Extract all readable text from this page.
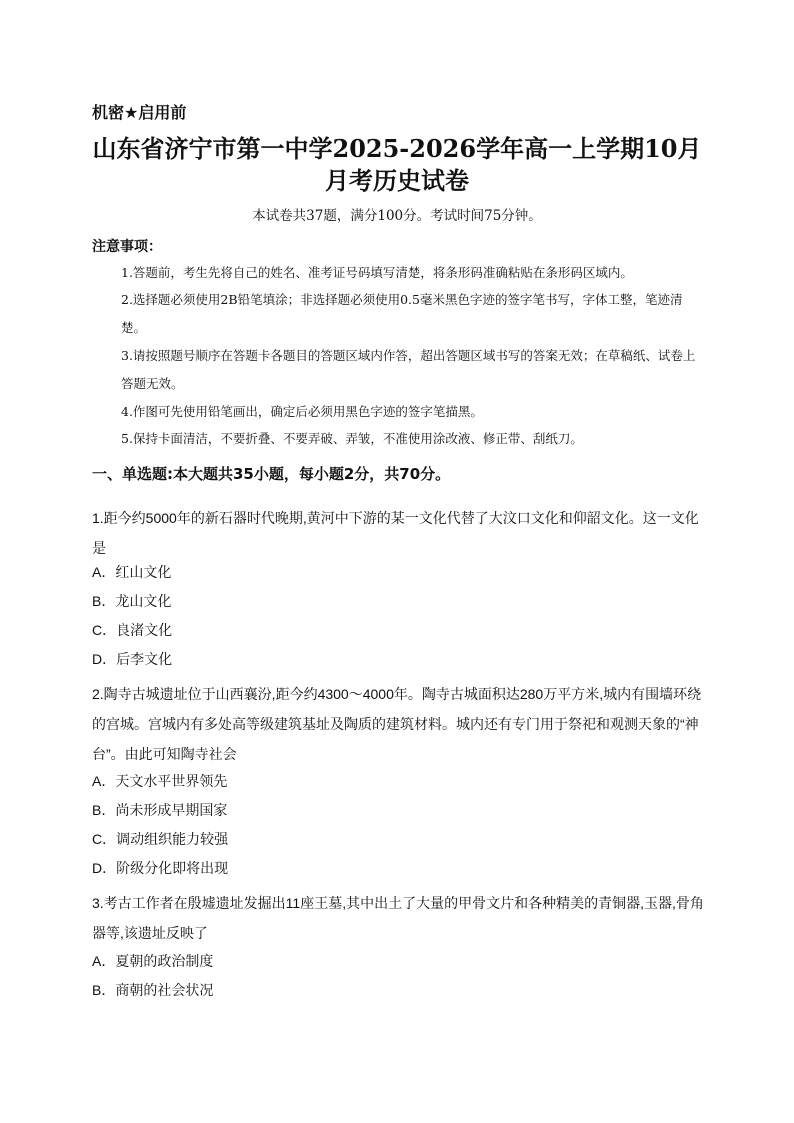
机密★启用前
山东省济宁市第一中学2025-2026学年高一上学期10月
月考历史试卷
本试卷共37题，满分100分。考试时间75分钟。
注意事项：
1.答题前，考生先将自己的姓名、准考证号码填写清楚，将条形码准确粘贴在条形码区域内。
2.选择题必须使用2B铅笔填涂；非选择题必须使用0.5毫米黑色字迹的签字笔书写，字体工整，笔迹清楚。
3.请按照题号顺序在答题卡各题目的答题区域内作答，超出答题区域书写的答案无效；在草稿纸、试卷上答题无效。
4.作图可先使用铅笔画出，确定后必须用黑色字迹的签字笔描黑。
5.保持卡面清洁，不要折叠、不要弄破、弄皱，不准使用涂改液、修正带、刮纸刀。
一、单选题:本大题共35小题，每小题2分，共70分。
1.距今约5000年的新石器时代晚期,黄河中下游的某一文化代替了大汶口文化和仰韶文化。这一文化是
A．红山文化
B．龙山文化
C．良渚文化
D．后李文化
2.陶寺古城遗址位于山西襄汾,距今约4300～4000年。陶寺古城面积达280万平方米,城内有围墙环绕的宫城。宫城内有多处高等级建筑基址及陶质的建筑材料。城内还有专门用于祭祀和观测天象的“神台”。由此可知陶寺社会
A．天文水平世界领先
B．尚未形成早期国家
C．调动组织能力较强
D．阶级分化即将出现
3.考古工作者在殷墟遗址发掘出11座王墓,其中出土了大量的甲骨文片和各种精美的青铜器,玉器,骨角器等,该遗址反映了
A．夏朝的政治制度
B．商朝的社会状况
